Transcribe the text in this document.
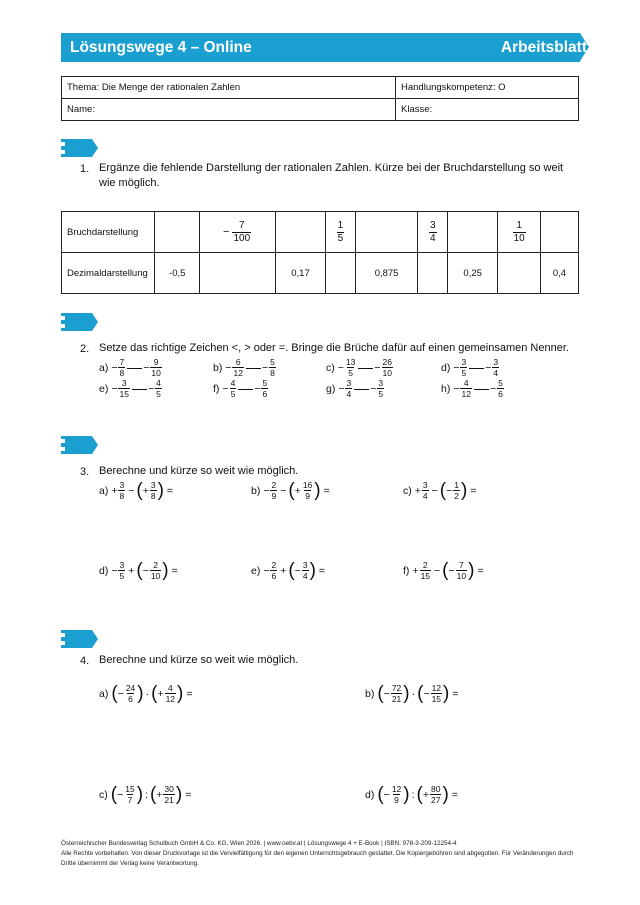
Lösungswege 4 – Online	Arbeitsblatt
Thema: Die Menge der rationalen Zahlen	Handlungskompetenz: O
Name:	Klasse:
1. Ergänze die fehlende Darstellung der rationalen Zahlen. Kürze bei der Bruchdarstellung so weit wie möglich.
Bruchdarstellung		− $\frac{7}{100}$		$\frac{1}{5}$		$\frac{3}{4}$		$\frac{1}{10}$

Dezimaldarstellung	-0,5		0,17		0,875		0,25		0,4
2. Setze das richtige Zeichen <, > oder =. Bringe die Brüche dafür auf einen gemeinsamen Nenner.
$a) - \frac{7}{8} - \frac{9}{10}$	$b) - \frac{6}{12} - \frac{5}{8}$	$c) - \frac{13}{5} - \frac{26}{10}$	$d) - \frac{3}{5} - \frac{3}{4}$
$e) - \frac{3}{15} - \frac{4}{5}$	$f) - \frac{4}{5} - \frac{5}{6}$	$g) - \frac{3}{4} - \frac{3}{5}$	$h) - \frac{4}{12} - \frac{5}{6}$
3. Berechne und kürze so weit wie möglich.
$a) + \frac{3}{8}$ − ( + $\frac{3}{8}$ ) =	$b) - \frac{2}{9}$ − ( + $\frac{16}{9}$ ) =	$c) + \frac{3}{4}$ − ( − $\frac{1}{2}$ ) =
$d) - \frac{3}{5}$ + ( − $\frac{2}{10}$ ) =	$e) - \frac{2}{6}$ + ( − $\frac{3}{4}$ ) =	$f) + \frac{2}{15}$ − ( − $\frac{7}{10}$ ) =
4. Berechne und kürze so weit wie möglich.
a) ( − $\frac{24}{6}$ ) · ( + $\frac{4}{12}$ ) =	b) ( − $\frac{72}{21}$ ) · ( − $\frac{12}{15}$ ) =
c) ( − $\frac{15}{7}$ ) : ( + $\frac{30}{21}$ ) =	d) ( − $\frac{12}{9}$ ) : ( + $\frac{80}{27}$ ) =
Österreichischer Bundesverlag Schulbuch GmbH & Co. KG, Wien 2026. | www.oebv.at | Lösungswege 4 + E-Book | ISBN: 978-3-209-12254-4
Alle Rechte vorbehalten. Von dieser Druckvorlage ist die Vervielfältigung für den eigenen Unterrichtsgebrauch gestattet. Die Kopiergebühren sind abgegolten. Für Veränderungen durch Dritte übernimmt der Verlag keine Verantwortung.
